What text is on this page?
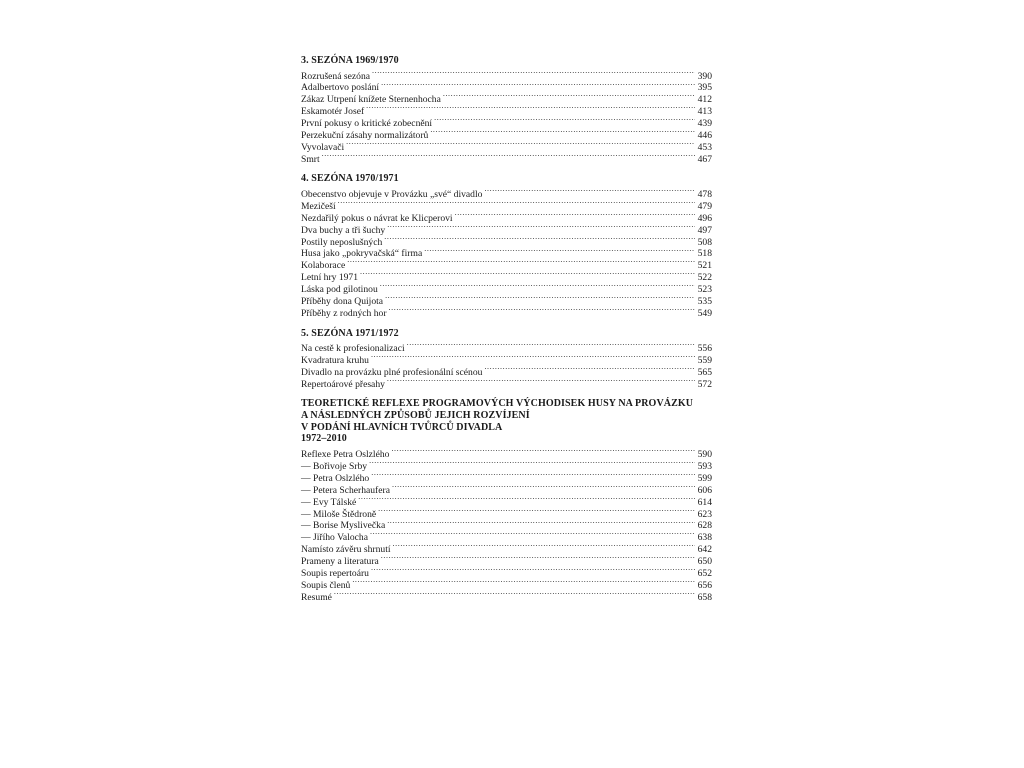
3. SEZÓNA 1969/1970
Rozrušená sezóna .....	390
Adalbertovo poslání .....	395
Zákaz Utrpení knížete Sternenhocha .....	412
Eskamotér Josef .....	413
První pokusy o kritické zobecnění .....	439
Perzekuční zásahy normalizátorů .....	446
Vyvolavači .....	453
Smrt .....	467
4. SEZÓNA 1970/1971
Obecenstvo objevuje v Provázku „své“ divadlo .....	478
Mezičeší .....	479
Nezdařilý pokus o návrat ke Klicperovi .....	496
Dva buchy a tři šuchy .....	497
Postily neposlušných .....	508
Husa jako „pokryvačská“ firma .....	518
Kolaborace .....	521
Letní hry 1971 .....	522
Láska pod gilotinou .....	523
Příběhy dona Quijota .....	535
Příběhy z rodných hor .....	549
5. SEZÓNA 1971/1972
Na cestě k profesionalizaci .....	556
Kvadratura kruhu .....	559
Divadlo na provázku plné profesionální scénou .....	565
Repertoárové přesahy .....	572
TEORETICKÉ REFLEXE PROGRAMOVÝCH VÝCHODISEK HUSY NA PROVÁZKU
A NÁSLEDNÝCH ZPŮSOBŮ JEJICH ROZVÍJENÍ
V PODÁNÍ HLAVNÍCH TVŮRCŮ DIVADLA
1972–2010
Reflexe Petra Oslzlého .....	590
— Bořivoje Srby .....	593
— Petra Oslzlého .....	599
— Petera Scherhaufera .....	606
— Evy Tálské .....	614
— Miloše Štědroně .....	623
— Borise Myslivečka .....	628
— Jiřího Valocha .....	638
Namísto závěru shrnutí .....	642
Prameny a literatura .....	650
Soupis repertoáru .....	652
Soupis členů .....	656
Resumé .....	658
